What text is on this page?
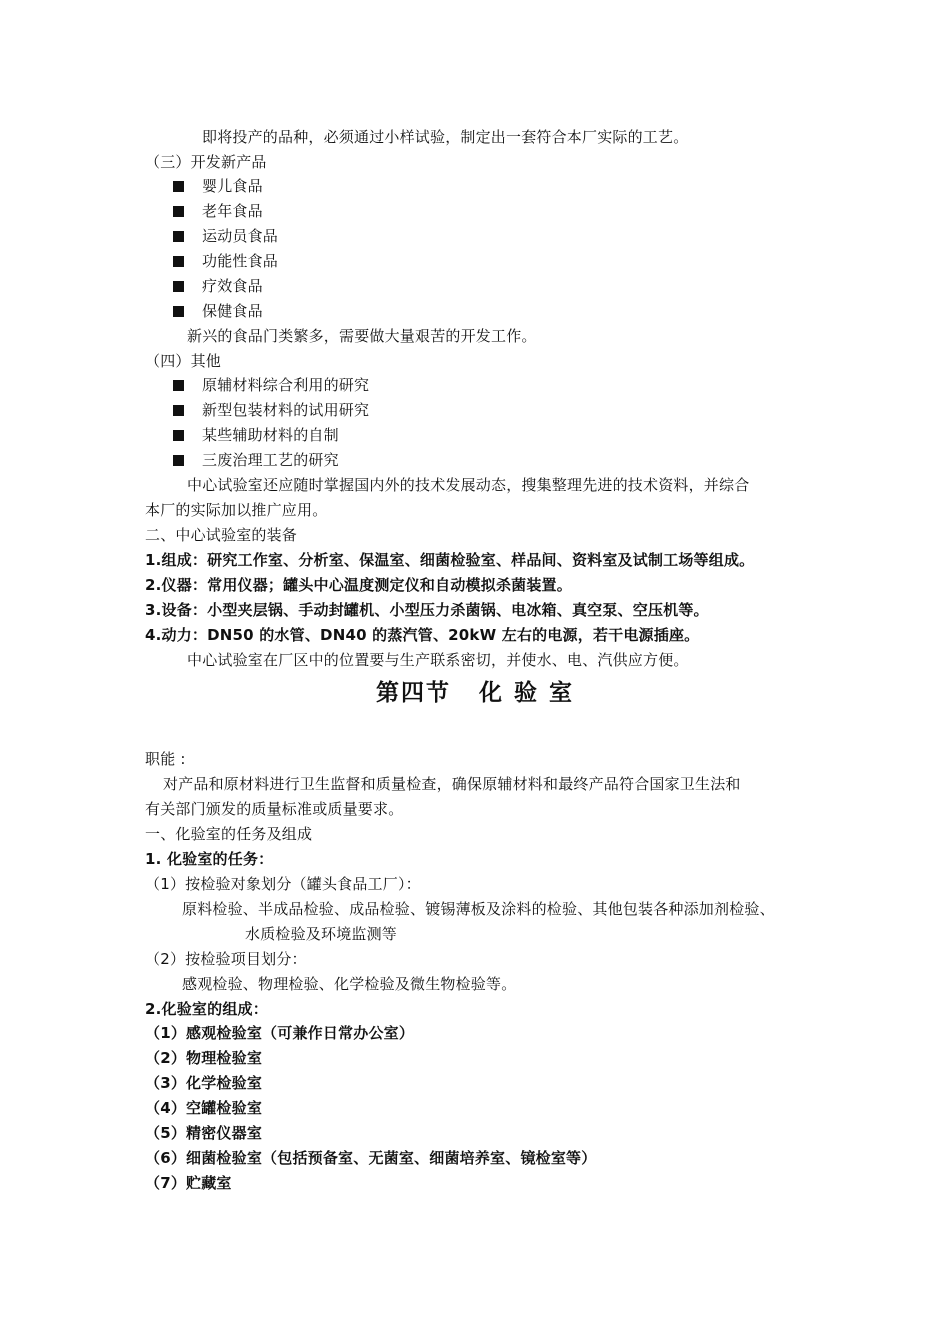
即将投产的品种，必须通过小样试验，制定出一套符合本厂实际的工艺。
（三）开发新产品
婴儿食品
老年食品
运动员食品
功能性食品
疗效食品
保健食品
新兴的食品门类繁多，需要做大量艰苦的开发工作。
（四）其他
原辅材料综合利用的研究
新型包装材料的试用研究
某些辅助材料的自制
三废治理工艺的研究
中心试验室还应随时掌握国内外的技术发展动态，搜集整理先进的技术资料，并综合
本厂的实际加以推广应用。
二、中心试验室的装备
1.组成：研究工作室、分析室、保温室、细菌检验室、样品间、资料室及试制工场等组成。
2.仪器：常用仪器；罐头中心温度测定仪和自动模拟杀菌装置。
3.设备：小型夹层锅、手动封罐机、小型压力杀菌锅、电冰箱、真空泵、空压机等。
4.动力：DN50 的水管、DN40 的蒸汽管、20kW 左右的电源，若干电源插座。
中心试验室在厂区中的位置要与生产联系密切，并使水、电、汽供应方便。
第四节 化 验 室
职能 :
对产品和原材料进行卫生监督和质量检查，确保原辅材料和最终产品符合国家卫生法和
有关部门颁发的质量标准或质量要求。
一、化验室的任务及组成
1. 化验室的任务：
（1）按检验对象划分（罐头食品工厂）：
原料检验、半成品检验、成品检验、镀锡薄板及涂料的检验、其他包装各种添加剂检验、
水质检验及环境监测等
（2）按检验项目划分：
感观检验、物理检验、化学检验及微生物检验等。
2.化验室的组成：
（1）感观检验室（可兼作日常办公室）
（2）物理检验室
（3）化学检验室
（4）空罐检验室
（5）精密仪器室
（6）细菌检验室（包括预备室、无菌室、细菌培养室、镜检室等）
（7）贮藏室
